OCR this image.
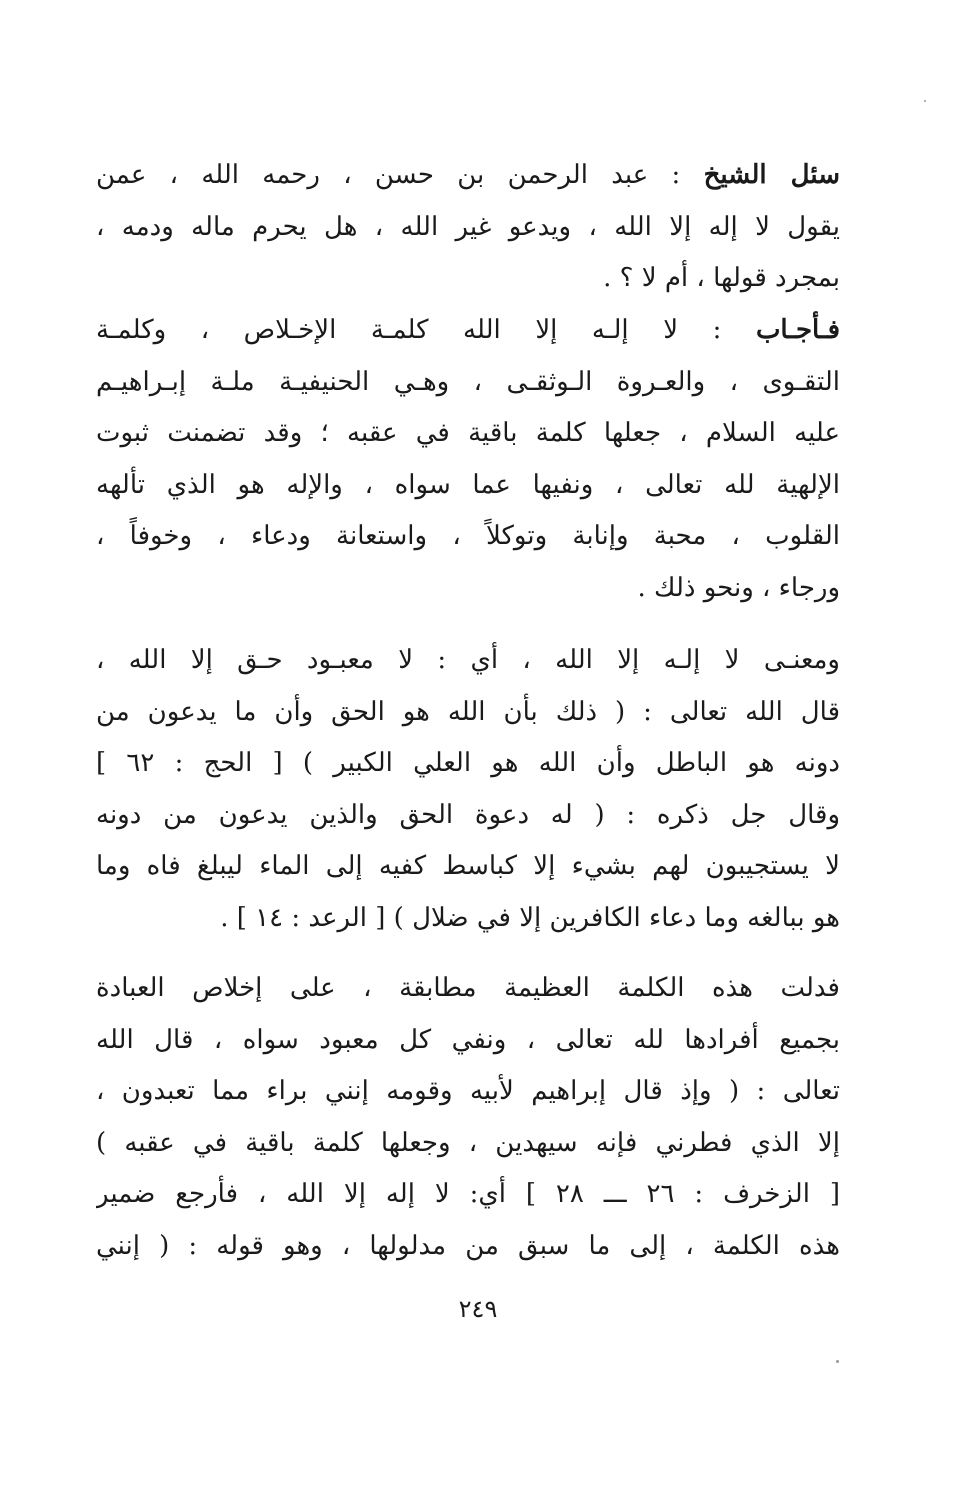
سئل الشيخ : عبد الرحمن بن حسن ، رحمه الله ، عمن
يقول لا إله إلا الله ، ويدعو غير الله ، هل يحرم ماله ودمه ،
بمجرد قولها ، أم لا ؟ .
فـأجـاب : لا إلـه إلا الله كلمـة الإخـلاص ، وكلمـة
التقـوى ، والعـروة الـوثقـى ، وهـي الحنيفيـة ملـة إبـراهيـم
عليه السلام ، جعلها كلمة باقية في عقبه ؛ وقد تضمنت ثبوت
الإلهية لله تعالى ، ونفيها عما سواه ، والإله هو الذي تألهه
القلوب ، محبة وإنابة وتوكلاً ، واستعانة ودعاء ، وخوفاً ،
ورجاء ، ونحو ذلك .
ومعنـى لا إلـه إلا الله ، أي : لا معبـود حـق إلا الله ،
قال الله تعالى : ( ذلك بأن الله هو الحق وأن ما يدعون من
دونه هو الباطل وأن الله هو العلي الكبير ) [ الحج : ٦٢ ]
وقال جل ذكره : ( له دعوة الحق والذين يدعون من دونه
لا يستجيبون لهم بشيء إلا كباسط كفيه إلى الماء ليبلغ فاه وما
هو ببالغه وما دعاء الكافرين إلا في ضلال ) [ الرعد : ١٤ ] .
فدلت هذه الكلمة العظيمة مطابقة ، على إخلاص العبادة
بجميع أفرادها لله تعالى ، ونفي كل معبود سواه ، قال الله
تعالى : ( وإذ قال إبراهيم لأبيه وقومه إنني براء مما تعبدون ،
إلا الذي فطرني فإنه سيهدين ، وجعلها كلمة باقية في عقبه )
[ الزخرف : ٢٦ ـــ ٢٨ ] أي: لا إله إلا الله ، فأرجع ضمير
هذه الكلمة ، إلى ما سبق من مدلولها ، وهو قوله : ( إنني
٢٤٩
